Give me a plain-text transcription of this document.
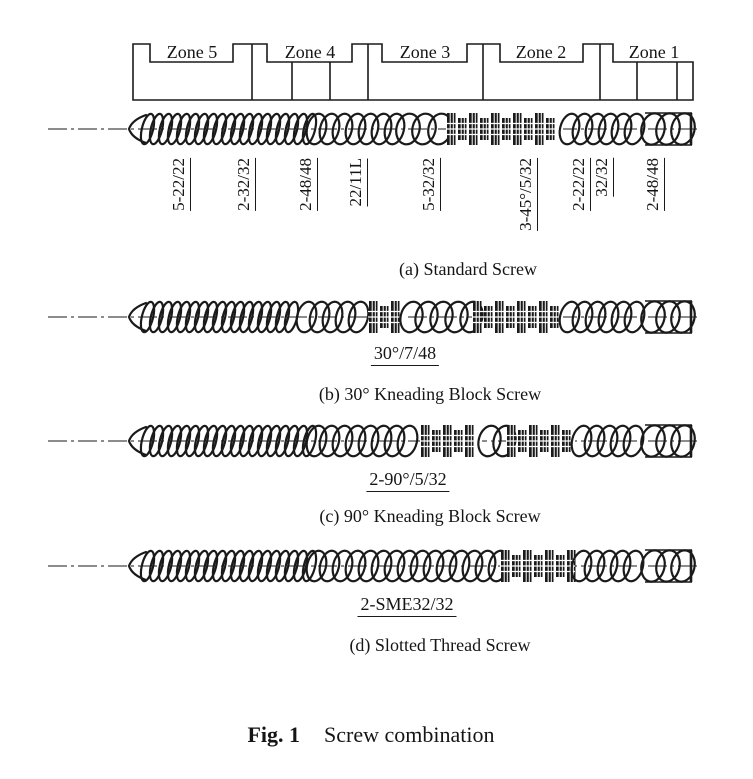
Zone 5	Zone 4	Zone 3	Zone 2	Zone 1
5-22/22	2-32/32	2-48/48 22/11L	5-32/32	3-45°/5/32 2-22/22 32/32 2-48/48
(a) Standard Screw
30°/7/48
(b) 30° Kneading Block Screw
2-90°/5/32
(c) 90° Kneading Block Screw
2-SME32/32
(d) Slotted Thread Screw
Fig. 1 Screw combination
